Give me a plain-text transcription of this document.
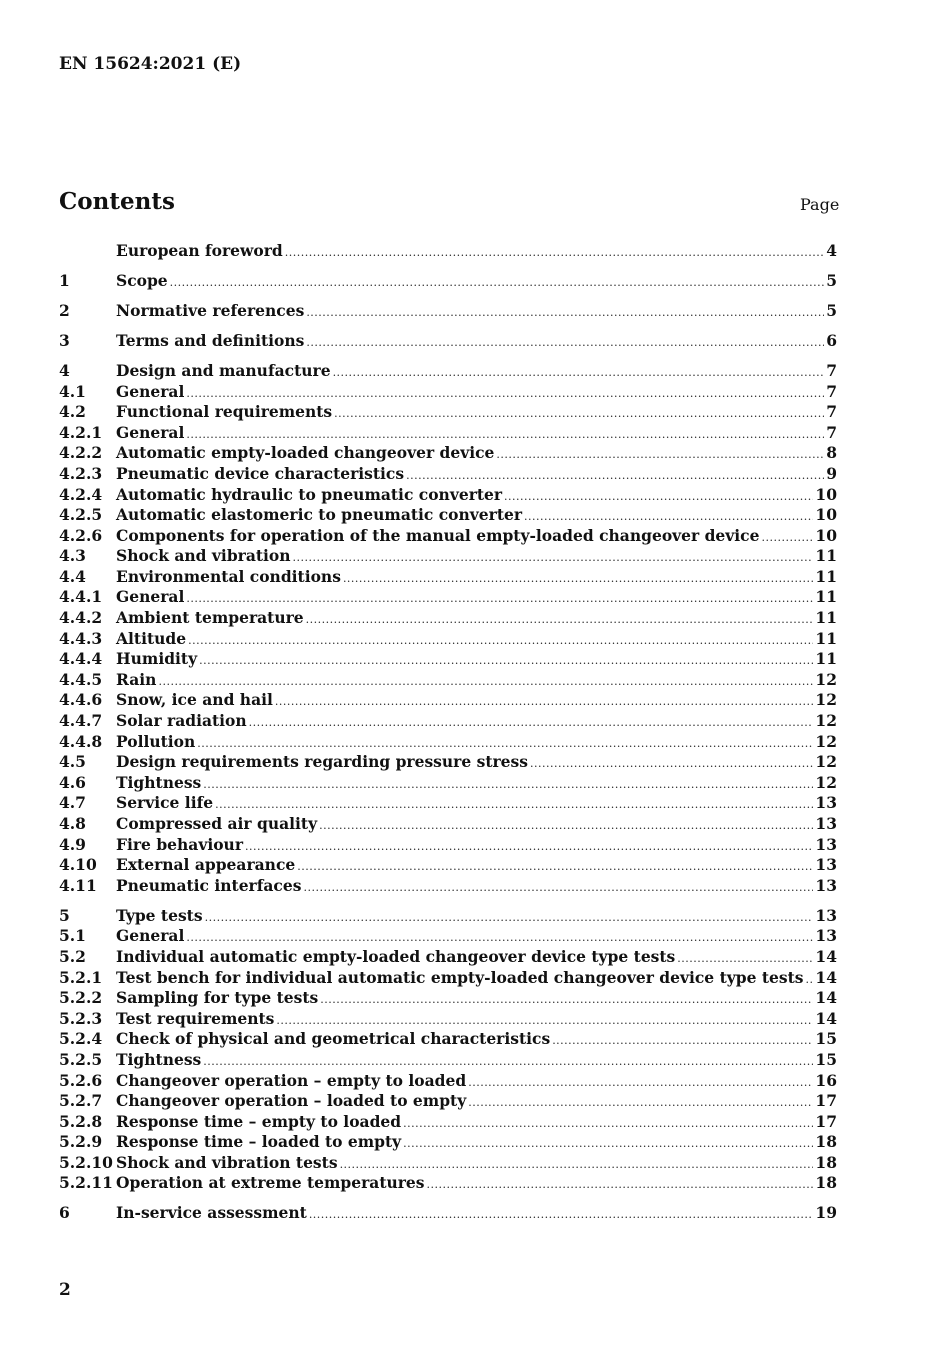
EN 15624:2021 (E)
Contents	Page
European foreword .....	4
1	Scope .....	5
2	Normative references .....	5
3	Terms and definitions .....	6
4	Design and manufacture .....	7
4.1	General .....	7
4.2	Functional requirements .....	7
4.2.1 General .....	7
4.2.2 Automatic empty-loaded changeover device .....	8
4.2.3 Pneumatic device characteristics .....	9
4.2.4 Automatic hydraulic to pneumatic converter .....	10
4.2.5 Automatic elastomeric to pneumatic converter .....	10
4.2.6 Components for operation of the manual empty-loaded changeover device .....	10
4.3	Shock and vibration .....	11
4.4	Environmental conditions .....	11
4.4.1 General .....	11
4.4.2 Ambient temperature .....	11
4.4.3 Altitude .....	11
4.4.4 Humidity .....	11
4.4.5 Rain .....	12
4.4.6 Snow, ice and hail .....	12
4.4.7 Solar radiation .....	12
4.4.8 Pollution .....	12
4.5	Design requirements regarding pressure stress .....	12
4.6	Tightness .....	12
4.7	Service life .....	13
4.8	Compressed air quality .....	13
4.9	Fire behaviour .....	13
4.10	External appearance .....	13
4.11	Pneumatic interfaces .....	13
5	Type tests .....	13
5.1	General .....	13
5.2	Individual automatic empty-loaded changeover device type tests .....	14
5.2.1 Test bench for individual automatic empty-loaded changeover device type tests ..... 14
5.2.2 Sampling for type tests .....	14
5.2.3 Test requirements .....	14
5.2.4 Check of physical and geometrical characteristics .....	15
5.2.5 Tightness .....	15
5.2.6 Changeover operation – empty to loaded .....	16
5.2.7 Changeover operation – loaded to empty .....	17
5.2.8 Response time – empty to loaded .....	17
5.2.9 Response time – loaded to empty .....	18
5.2.10 Shock and vibration tests .....	18
5.2.11 Operation at extreme temperatures .....	18
6	In-service assessment .....	19
2
